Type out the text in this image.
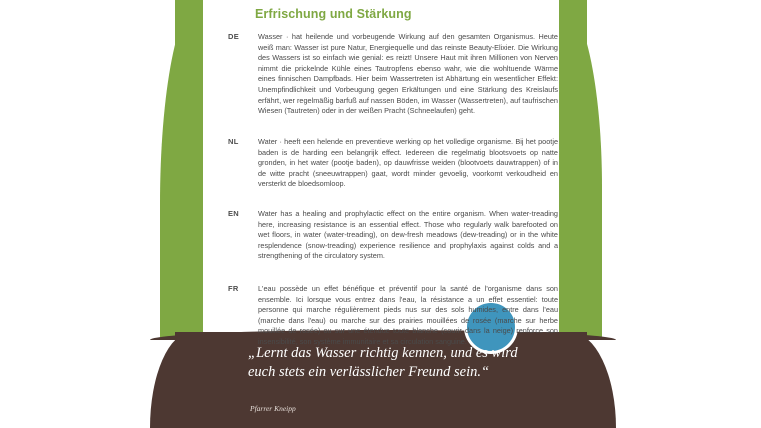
Erfrischung und Stärkung
DE	Wasser · hat heilende und vorbeugende Wirkung auf den gesamten Organismus. Heute weiß man: Wasser ist pure Natur, Energiequelle und das reinste Beauty-Elixier. Die Wirkung des Wassers ist so einfach wie genial: es reizt! Unsere Haut mit ihren Millionen von Nerven nimmt die prickelnde Kühle eines Tautropfens ebenso wahr, wie die wohltuende Wärme eines finnischen Dampfbads. Hier beim Wassertreten ist Abhärtung ein wesentlicher Effekt: Unempfindlichkeit und Vorbeugung gegen Erkältungen und eine Stärkung des Kreislaufs erfährt, wer regelmäßig barfuß auf nassen Böden, im Wasser (Wassertreten), auf taufrischen Wiesen (Tautreten) oder in der weißen Pracht (Schneelaufen) geht.
NL	Water · heeft een helende en preventieve werking op het volledige organisme. Bij het pootje baden is de harding een belangrijk effect. Iedereen die regelmatig blootsvoets op natte gronden, in het water (pootje baden), op dauwfrisse weiden (blootvoets dauwtrappen) of in de witte pracht (sneeuwtrappen) gaat, wordt minder gevoelig, voorkomt verkoudheid en versterkt de bloedsomloop.
EN	Water has a healing and prophylactic effect on the entire organism. When water-treading here, increasing resistance is an essential effect. Those who regularly walk barefooted on wet floors, in water (water-treading), on dew-fresh meadows (dew-treading) or in the white resplendence (snow-treading) experience resilience and prophylaxis against colds and a strengthening of the circulatory system.
FR	L'eau possède un effet bénéfique et préventif pour la santé de l'organisme dans son ensemble. Ici lorsque vous entrez dans l'eau, la résistance a un effet essentiel: toute personne qui marche régulièrement pieds nus sur des sols humides, entre dans l'eau (marche dans l'eau) ou marche sur des prairies mouillées de rosée (marche sur herbe mouillée de rosée) ou sur une étendue toute blanche (courir dans la neige) renforce son insensibilité, son système immunitaire et sa circulation sanguine.
„Lernt das Wasser richtig kennen, und es wird euch stets ein verlässlicher Freund sein.“
Pfarrer Kneipp
